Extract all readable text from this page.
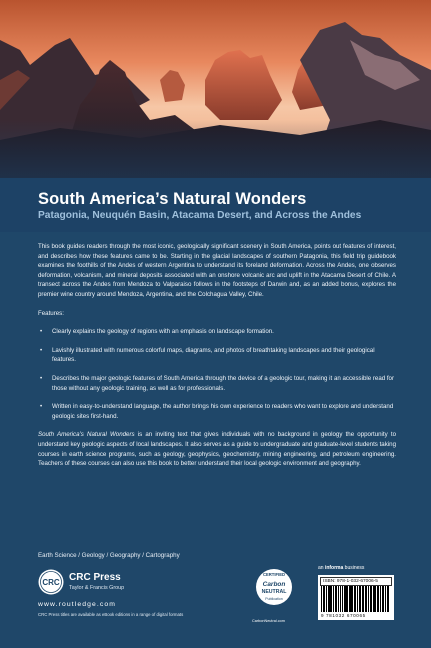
South America’s Natural Wonders
Patagonia, Neuquén Basin, Atacama Desert, and Across the Andes

This book guides readers through the most iconic, geologically significant scenery in South America, points out features of interest, and describes how these features came to be. Starting in the glacial landscapes of southern Patagonia, this field trip guidebook examines the foothills of the Andes of western Argentina to understand its foreland deformation. Across the Andes, one observes deformation, volcanism, and mineral deposits associated with an onshore volcanic arc and uplift in the Atacama Desert of Chile. A transect across the Andes from Mendoza to Valparaiso follows in the footsteps of Darwin and, as an added bonus, explores the premier wine country around Mendoza, Argentina, and the Colchagua Valley, Chile.

Features:

• Clearly explains the geology of regions with an emphasis on landscape formation.
• Lavishly illustrated with numerous colorful maps, diagrams, and photos of breathtaking landscapes and their geological features.
• Describes the major geologic features of South America through the device of a geologic tour, making it an accessible read for those without any geologic training, as well as for professionals.
• Written in easy-to-understand language, the author brings his own experience to readers who want to explore and understand geologic sites first-hand.

South America’s Natural Wonders is an inviting text that gives individuals with no background in geology the opportunity to understand key geologic aspects of local landscapes. It also serves as a guide to undergraduate and graduate-level students taking courses in earth science programs, such as geology, geophysics, geochemistry, mining engineering, and petroleum engineering. Teachers of these courses can also use this book to better understand their local geologic environment and geography.

Earth Science / Geology / Geography / Cartography
CRC CRC Press
Taylor & Francis Group
www.routledge.com
CRC Press titles are available as eBook editions in a range of digital formats
CERTIFIED
Carbon
NEUTRAL
Publication
CarbonNeutral.com
an informa business
ISBN: 978-1-032-67006-5
9 781032 670065
